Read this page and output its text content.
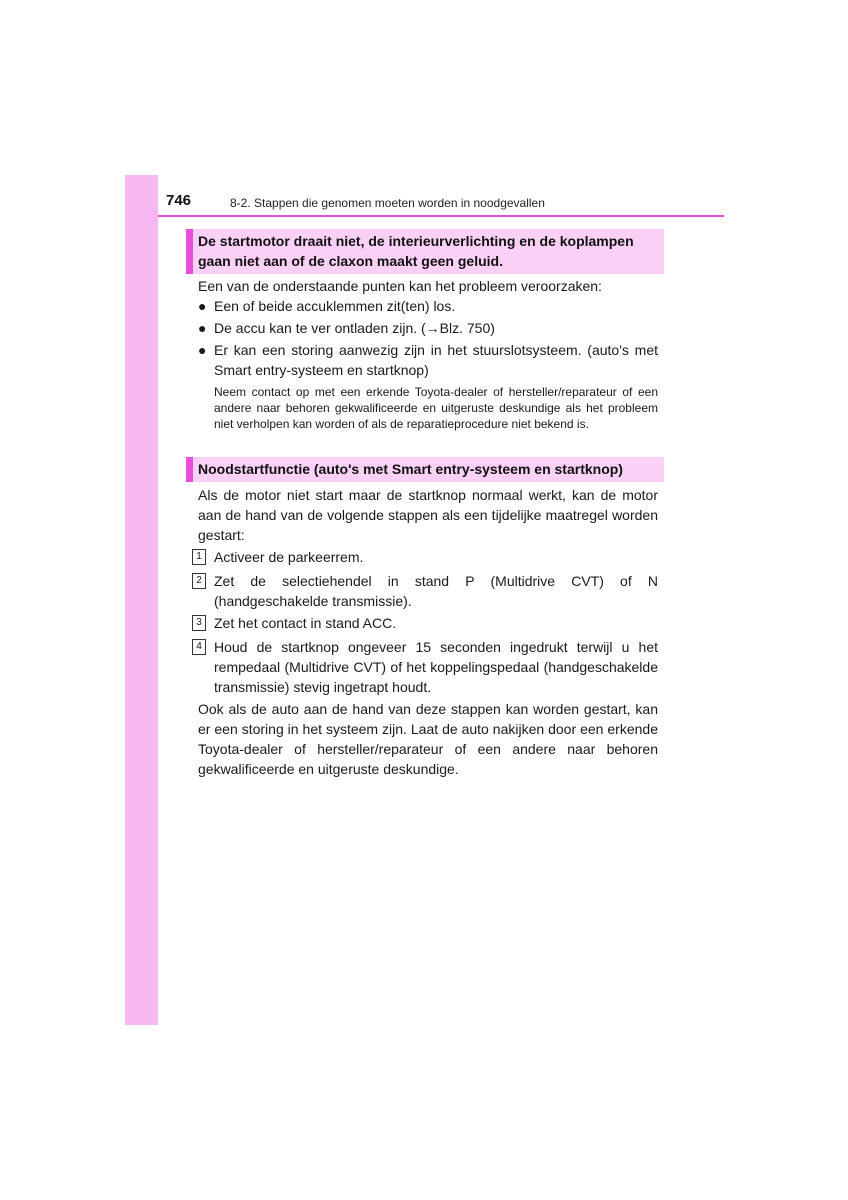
746	8-2. Stappen die genomen moeten worden in noodgevallen
De startmotor draait niet, de interieurverlichting en de koplampen gaan niet aan of de claxon maakt geen geluid.

Een van de onderstaande punten kan het probleem veroorzaken:

● Een of beide accuklemmen zit(ten) los.
● De accu kan te ver ontladen zijn. (→Blz. 750)
● Er kan een storing aanwezig zijn in het stuurslotsysteem. (auto's met Smart entry-systeem en startknop)

Neem contact op met een erkende Toyota-dealer of hersteller/reparateur of een andere naar behoren gekwalificeerde en uitgeruste deskundige als het probleem niet verholpen kan worden of als de reparatieprocedure niet bekend is.

Noodstartfunctie (auto's met Smart entry-systeem en startknop)

Als de motor niet start maar de startknop normaal werkt, kan de motor aan de hand van de volgende stappen als een tijdelijke maatregel worden gestart:

1 Activeer de parkeerrem.
2 Zet de selectiehendel in stand P (Multidrive CVT) of N (handgeschakelde transmissie).
3 Zet het contact in stand ACC.
4 Houd de startknop ongeveer 15 seconden ingedrukt terwijl u het rempedaal (Multidrive CVT) of het koppelingspedaal (handgeschakelde transmissie) stevig ingetrapt houdt.

Ook als de auto aan de hand van deze stappen kan worden gestart, kan er een storing in het systeem zijn. Laat de auto nakijken door een erkende Toyota-dealer of hersteller/reparateur of een andere naar behoren gekwalificeerde en uitgeruste deskundige.
